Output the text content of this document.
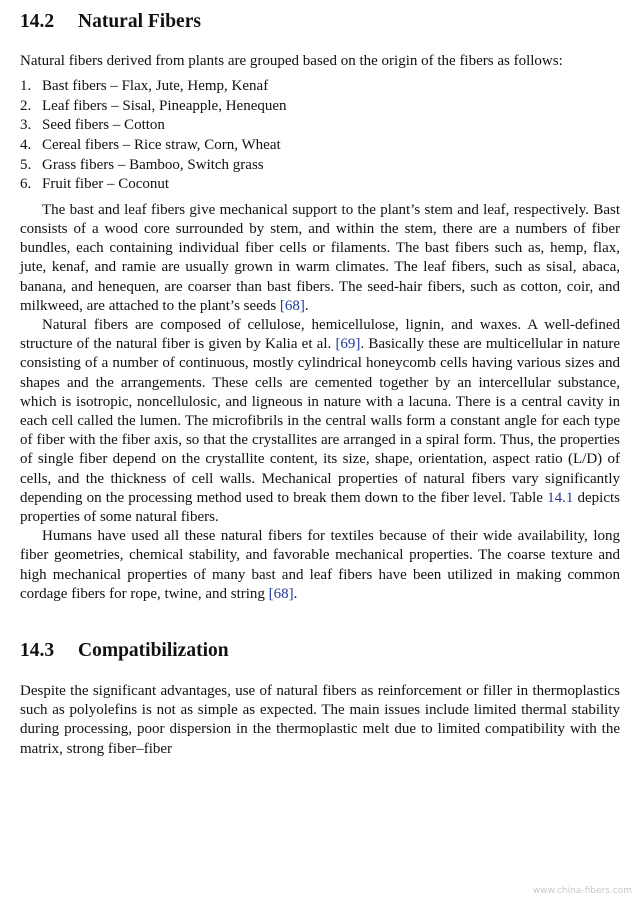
14.2 Natural Fibers

Natural fibers derived from plants are grouped based on the origin of the fibers as follows:

1. Bast fibers – Flax, Jute, Hemp, Kenaf
2. Leaf fibers – Sisal, Pineapple, Henequen
3. Seed fibers – Cotton
4. Cereal fibers – Rice straw, Corn, Wheat
5. Grass fibers – Bamboo, Switch grass
6. Fruit fiber – Coconut

The bast and leaf fibers give mechanical support to the plant’s stem and leaf, respectively. Bast consists of a wood core surrounded by stem, and within the stem, there are a numbers of fiber bundles, each containing individual fiber cells or filaments. The bast fibers such as, hemp, flax, jute, kenaf, and ramie are usually grown in warm climates. The leaf fibers, such as sisal, abaca, banana, and henequen, are coarser than bast fibers. The seed-hair fibers, such as cotton, coir, and milkweed, are attached to the plant’s seeds [68].

Natural fibers are composed of cellulose, hemicellulose, lignin, and waxes. A well-defined structure of the natural fiber is given by Kalia et al. [69]. Basically these are multicellular in nature consisting of a number of continuous, mostly cylindrical honeycomb cells having various sizes and shapes and the arrangements. These cells are cemented together by an intercellular substance, which is isotropic, noncellulosic, and ligneous in nature with a lacuna. There is a central cavity in each cell called the lumen. The microfibrils in the central walls form a constant angle for each type of fiber with the fiber axis, so that the crystallites are arranged in a spiral form. Thus, the properties of single fiber depend on the crystallite content, its size, shape, orientation, aspect ratio (L/D) of cells, and the thickness of cell walls. Mechanical properties of natural fibers vary significantly depending on the processing method used to break them down to the fiber level. Table 14.1 depicts properties of some natural fibers.

Humans have used all these natural fibers for textiles because of their wide availability, long fiber geometries, chemical stability, and favorable mechanical properties. The coarse texture and high mechanical properties of many bast and leaf fibers have been utilized in making common cordage fibers for rope, twine, and string [68].

14.3 Compatibilization

Despite the significant advantages, use of natural fibers as reinforcement or filler in thermoplastics such as polyolefins is not as simple as expected. The main issues include limited thermal stability during processing, poor dispersion in the thermoplastic melt due to limited compatibility with the matrix, strong fiber–fiber

www.china-fibers.com
